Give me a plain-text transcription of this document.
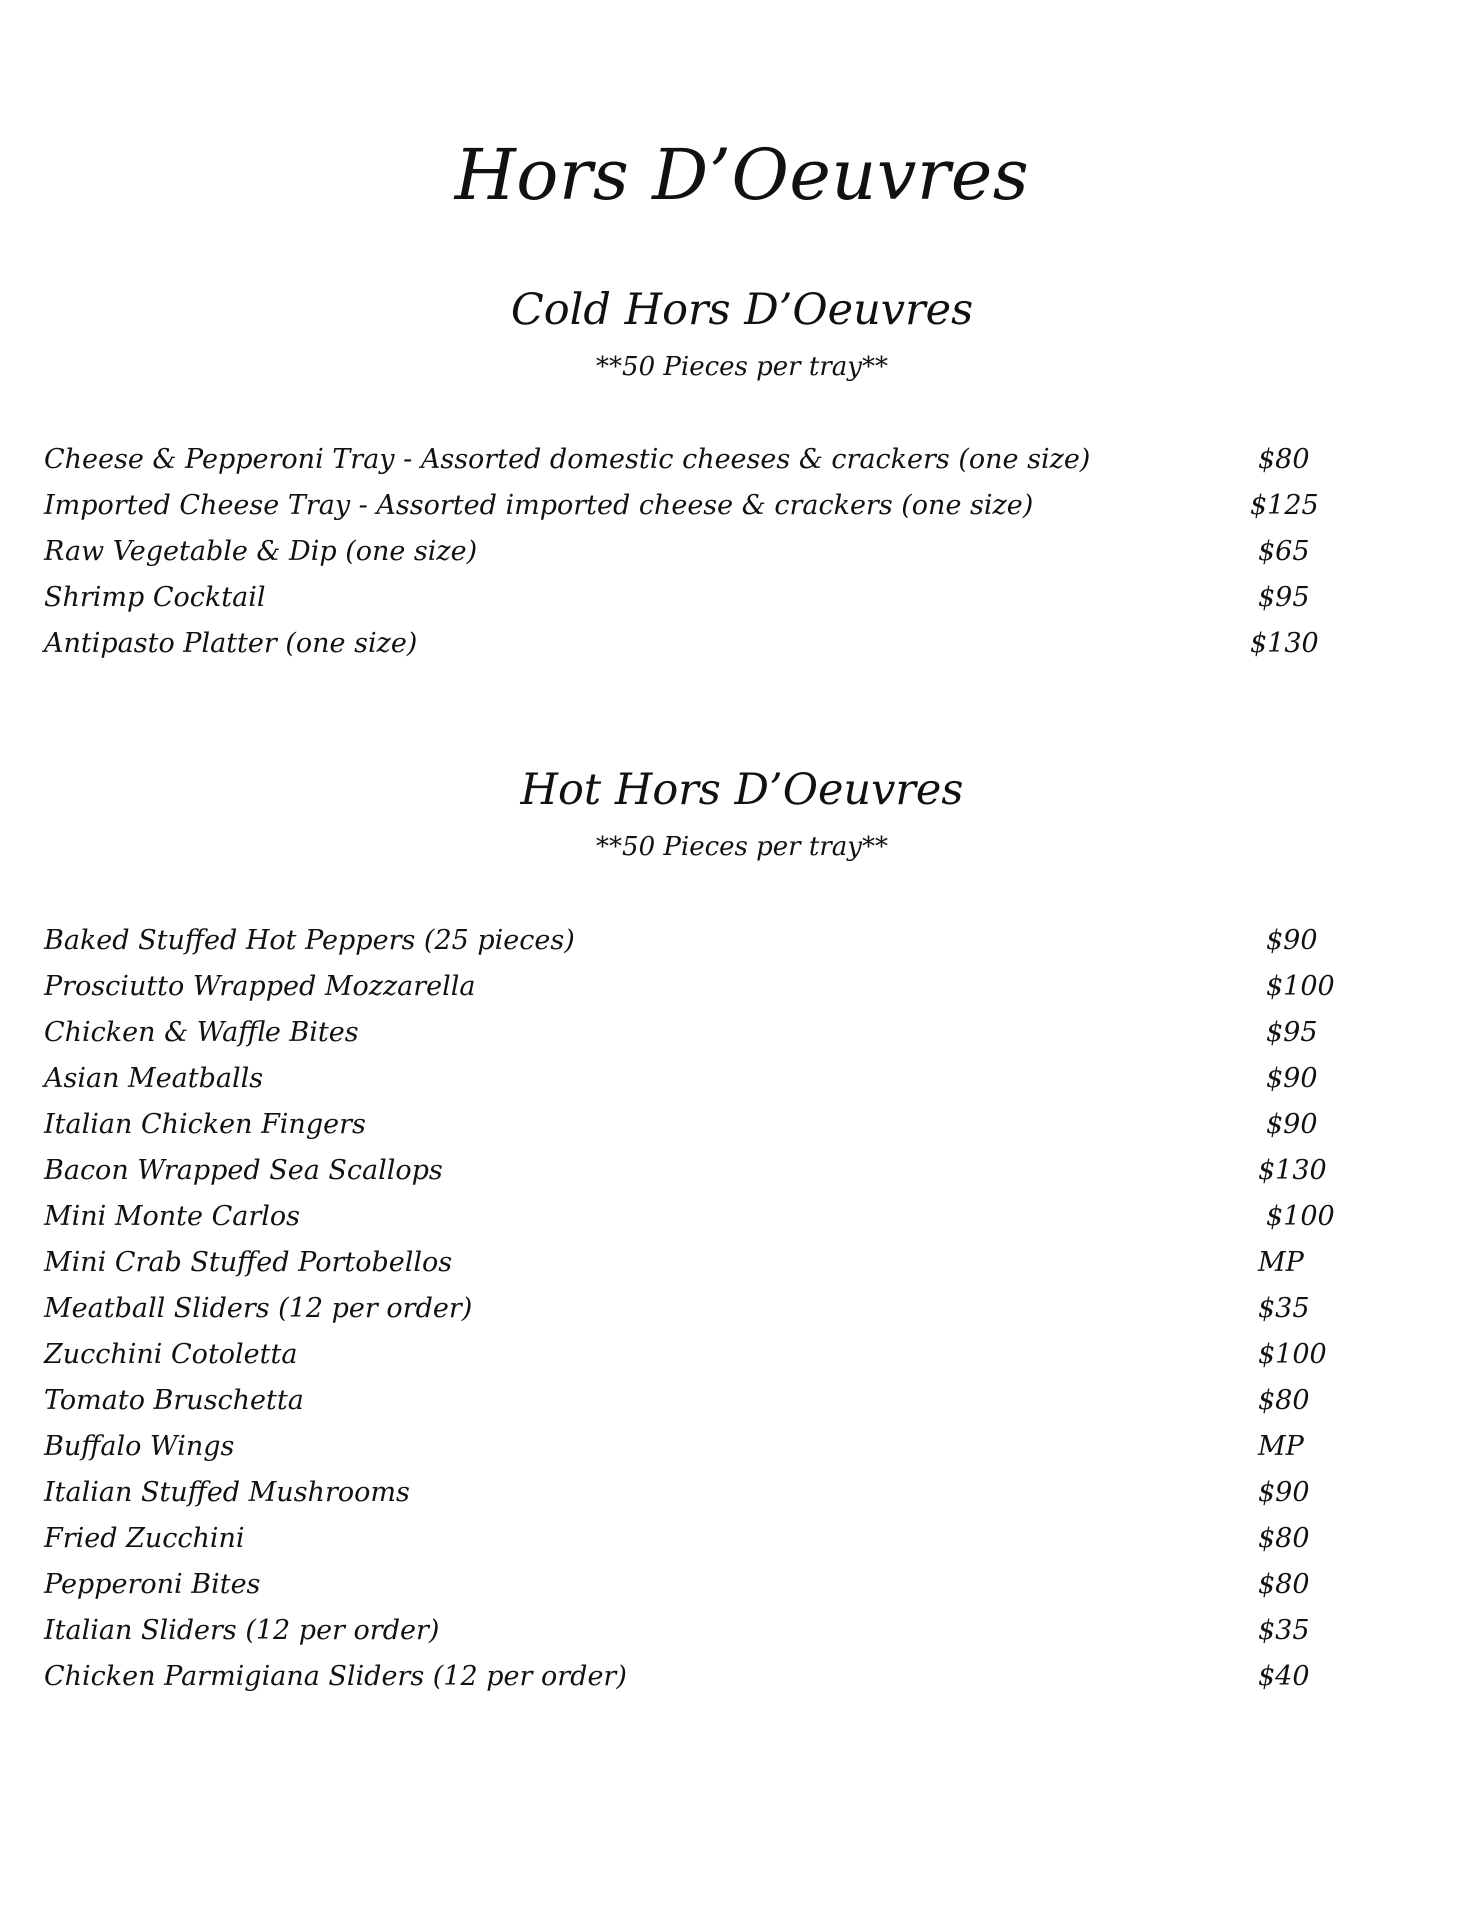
Hors D’Oeuvres
Cold Hors D’Oeuvres

**50 Pieces per tray**

Cheese & Pepperoni Tray - Assorted domestic cheeses & crackers (one size)	$80
Imported Cheese Tray - Assorted imported cheese & crackers (one size)	$125
Raw Vegetable & Dip (one size)	$65
Shrimp Cocktail	$95
Antipasto Platter (one size)	$130
Hot Hors D’Oeuvres

**50 Pieces per tray**

Baked Stuffed Hot Peppers (25 pieces)	$90
Prosciutto Wrapped Mozzarella	$100
Chicken & Waffle Bites	$95
Asian Meatballs	$90
Italian Chicken Fingers	$90
Bacon Wrapped Sea Scallops	$130
Mini Monte Carlos	$100
Mini Crab Stuffed Portobellos	MP
Meatball Sliders (12 per order)	$35
Zucchini Cotoletta	$100
Tomato Bruschetta	$80
Buffalo Wings	MP
Italian Stuffed Mushrooms	$90
Fried Zucchini	$80
Pepperoni Bites	$80
Italian Sliders (12 per order)	$35
Chicken Parmigiana Sliders (12 per order)	$40
